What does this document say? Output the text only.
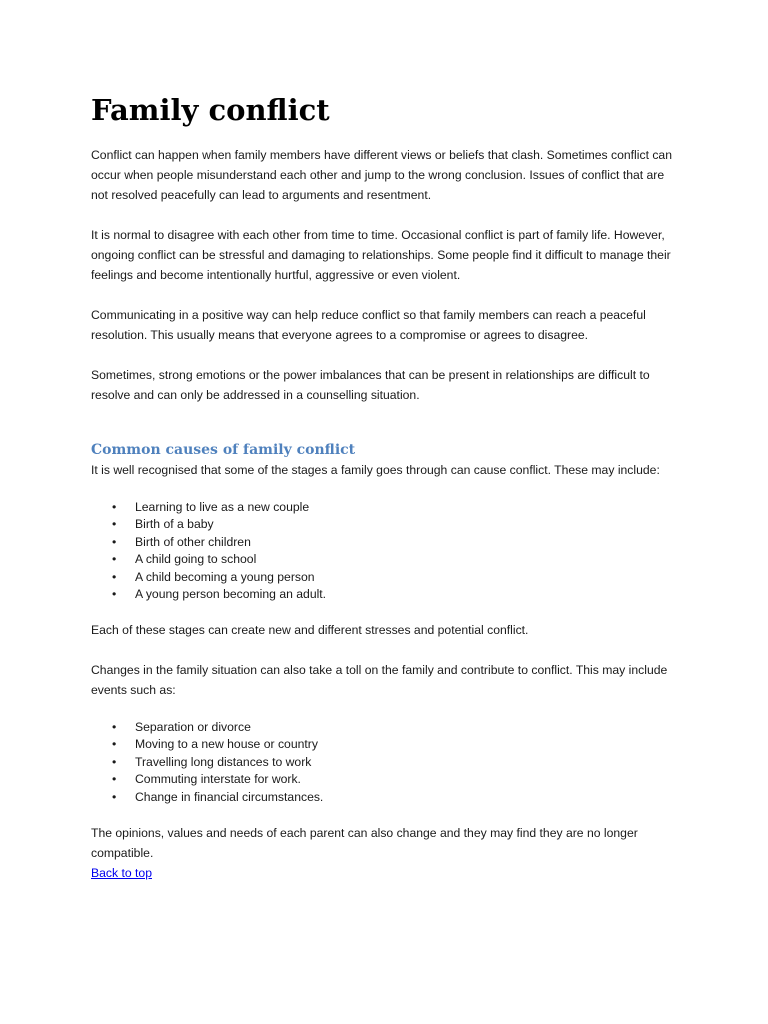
Family conflict

Conflict can happen when family members have different views or beliefs that clash. Sometimes conflict can occur when people misunderstand each other and jump to the wrong conclusion. Issues of conflict that are not resolved peacefully can lead to arguments and resentment.

It is normal to disagree with each other from time to time. Occasional conflict is part of family life. However, ongoing conflict can be stressful and damaging to relationships. Some people find it difficult to manage their feelings and become intentionally hurtful, aggressive or even violent.

Communicating in a positive way can help reduce conflict so that family members can reach a peaceful resolution. This usually means that everyone agrees to a compromise or agrees to disagree.

Sometimes, strong emotions or the power imbalances that can be present in relationships are difficult to resolve and can only be addressed in a counselling situation.

Common causes of family conflict

It is well recognised that some of the stages a family goes through can cause conflict. These may include:

• Learning to live as a new couple
• Birth of a baby
• Birth of other children
• A child going to school
• A child becoming a young person
• A young person becoming an adult.

Each of these stages can create new and different stresses and potential conflict.

Changes in the family situation can also take a toll on the family and contribute to conflict. This may include events such as:

• Separation or divorce
• Moving to a new house or country
• Travelling long distances to work
• Commuting interstate for work.
• Change in financial circumstances.

The opinions, values and needs of each parent can also change and they may find they are no longer compatible.

Back to top
